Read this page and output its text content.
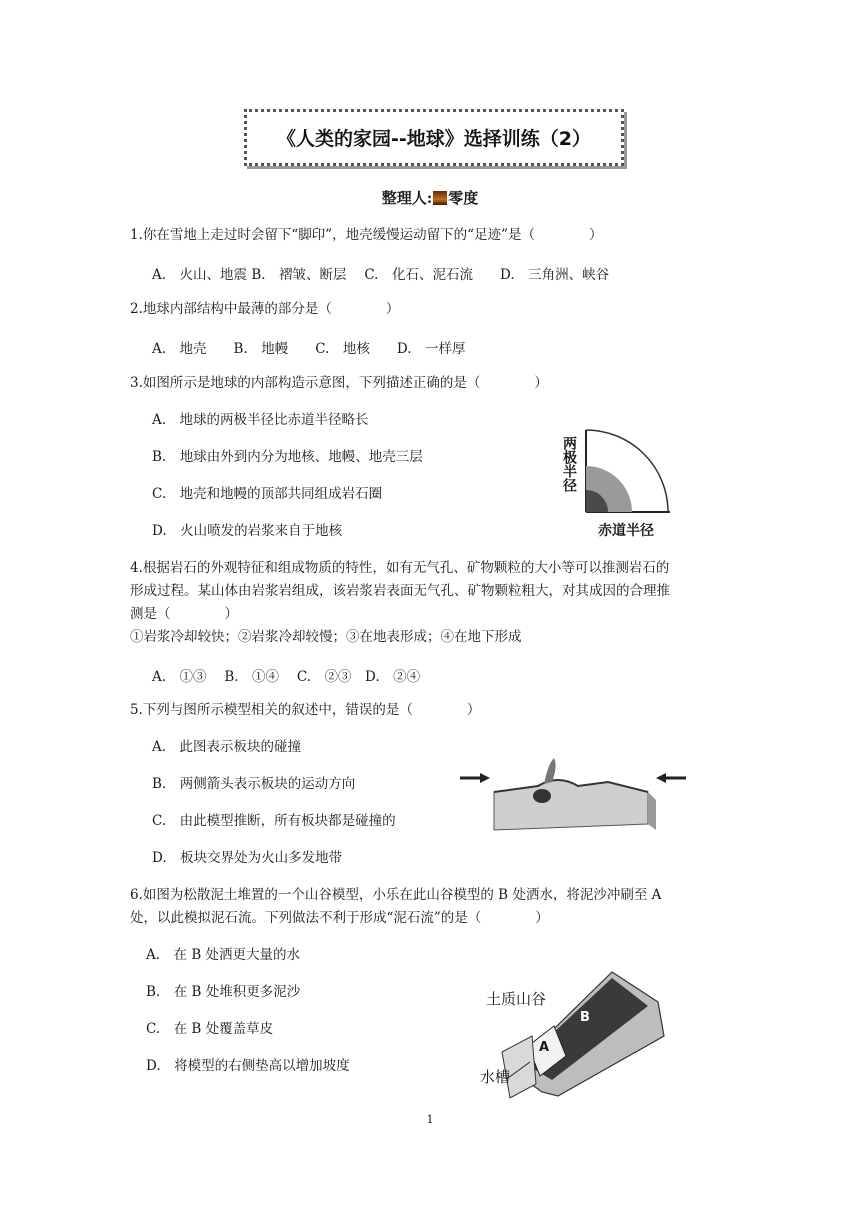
《人类的家园--地球》选择训练（2）
整理人: 零度
1.你在雪地上走过时会留下“脚印”，地壳缓慢运动留下的“足迹”是（　　　　）
A.　火山、地震 B.　褶皱、断层　 C.　化石、泥石流　　D.　三角洲、峡谷
2.地球内部结构中最薄的部分是（　　　　）
A.　地壳　　B.　地幔　　C.　地核　　D.　一样厚
3.如图所示是地球的内部构造示意图，下列描述正确的是（　　　　）
A.　地球的两极半径比赤道半径略长
B.　地球由外到内分为地核、地幔、地壳三层
C.　地壳和地幔的顶部共同组成岩石圈
D.　火山喷发的岩浆来自于地核
两极半径
赤道半径
4.根据岩石的外观特征和组成物质的特性，如有无气孔、矿物颗粒的大小等可以推测岩石的
形成过程。某山体由岩浆岩组成，该岩浆岩表面无气孔、矿物颗粒粗大，对其成因的合理推
测是（　　　　）
①岩浆冷却较快；②岩浆冷却较慢；③在地表形成；④在地下形成
A.　①③　 B.　①④　 C.　②③　D.　②④
5.下列与图所示模型相关的叙述中，错误的是（　　　　）
A.　此图表示板块的碰撞
B.　两侧箭头表示板块的运动方向
C.　由此模型推断，所有板块都是碰撞的
D.　板块交界处为火山多发地带
6.如图为松散泥土堆置的一个山谷模型，小乐在此山谷模型的 B 处洒水，将泥沙冲刷至 A
处，以此模拟泥石流。下列做法不利于形成“泥石流”的是（　　　　）
A.　在 B 处洒更大量的水
B.　在 B 处堆积更多泥沙
C.　在 B 处覆盖草皮
D.　将模型的右侧垫高以增加坡度
土质山谷
水槽
A
B
1
